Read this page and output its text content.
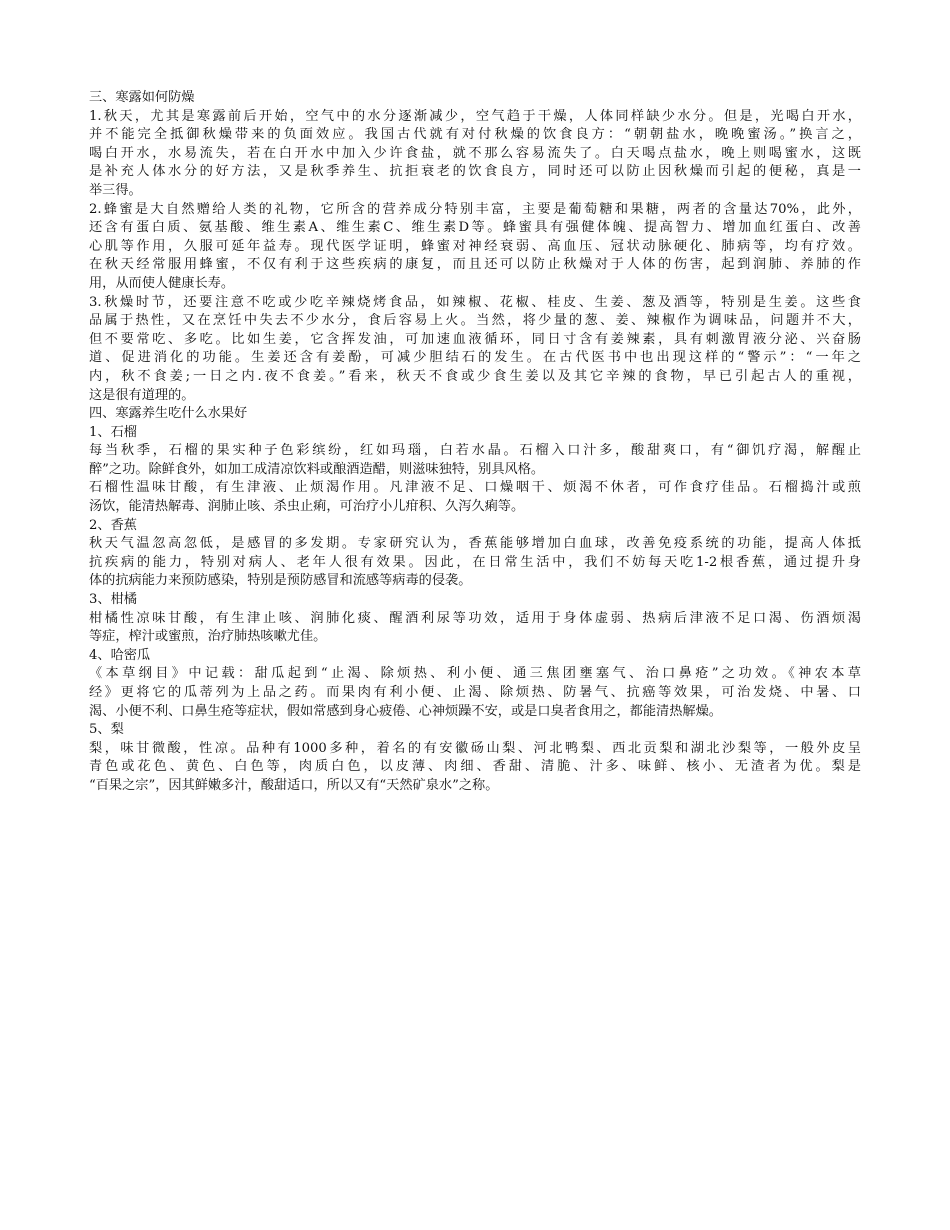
三、寒露如何防燥
1.秋天，尤其是寒露前后开始，空气中的水分逐渐减少，空气趋于干燥，人体同样缺少水分。但是，光喝白开水，
并不能完全抵御秋燥带来的负面效应。我国古代就有对付秋燥的饮食良方：“朝朝盐水，晚晚蜜汤。”换言之，
喝白开水，水易流失，若在白开水中加入少许食盐，就不那么容易流失了。白天喝点盐水，晚上则喝蜜水，这既
是补充人体水分的好方法，又是秋季养生、抗拒衰老的饮食良方，同时还可以防止因秋燥而引起的便秘，真是一
举三得。
2.蜂蜜是大自然赠给人类的礼物，它所含的营养成分特别丰富，主要是葡萄糖和果糖，两者的含量达70%，此外，
还含有蛋白质、氨基酸、维生素A、维生素C、维生素D等。蜂蜜具有强健体魄、提高智力、增加血红蛋白、改善
心肌等作用，久服可延年益寿。现代医学证明，蜂蜜对神经衰弱、高血压、冠状动脉硬化、肺病等，均有疗效。
在秋天经常服用蜂蜜，不仅有利于这些疾病的康复，而且还可以防止秋燥对于人体的伤害，起到润肺、养肺的作
用，从而使人健康长寿。
3.秋燥时节，还要注意不吃或少吃辛辣烧烤食品，如辣椒、花椒、桂皮、生姜、葱及酒等，特别是生姜。这些食
品属于热性，又在烹饪中失去不少水分，食后容易上火。当然，将少量的葱、姜、辣椒作为调味品，问题并不大，
但不要常吃、多吃。比如生姜，它含挥发油，可加速血液循环，同日寸含有姜辣素，具有刺激胃液分泌、兴奋肠
道、促进消化的功能。生姜还含有姜酚，可减少胆结石的发生。在古代医书中也出现这样的“警示”：“一年之
内，秋不食姜;一日之内.夜不食姜。”看来，秋天不食或少食生姜以及其它辛辣的食物，早已引起古人的重视，
这是很有道理的。
四、寒露养生吃什么水果好
1、石榴
每当秋季，石榴的果实种子色彩缤纷，红如玛瑙，白若水晶。石榴入口汁多，酸甜爽口，有“御饥疗渴，解醒止
醉”之功。除鲜食外，如加工成清凉饮料或酿酒造醋，则滋味独特，别具风格。
石榴性温味甘酸，有生津液、止烦渴作用。凡津液不足、口燥咽干、烦渴不休者，可作食疗佳品。石榴捣汁或煎
汤饮，能清热解毒、润肺止咳、杀虫止痢，可治疗小儿疳积、久泻久痢等。
2、香蕉
秋天气温忽高忽低，是感冒的多发期。专家研究认为，香蕉能够增加白血球，改善免疫系统的功能，提高人体抵
抗疾病的能力，特别对病人、老年人很有效果。因此，在日常生活中，我们不妨每天吃1-2根香蕉，通过提升身
体的抗病能力来预防感染，特别是预防感冒和流感等病毒的侵袭。
3、柑橘
柑橘性凉味甘酸，有生津止咳、润肺化痰、醒酒利尿等功效，适用于身体虚弱、热病后津液不足口渴、伤酒烦渴
等症，榨汁或蜜煎，治疗肺热咳嗽尤佳。
4、哈密瓜
《本草纲目》中记载：甜瓜起到“止渴、除烦热、利小便、通三焦团壅塞气、治口鼻疮”之功效。《神农本草
经》更将它的瓜蒂列为上品之药。而果肉有利小便、止渴、除烦热、防暑气、抗癌等效果，可治发烧、中暑、口
渴、小便不利、口鼻生疮等症状，假如常感到身心疲倦、心神烦躁不安，或是口臭者食用之，都能清热解燥。
5、梨
梨，味甘微酸，性凉。品种有1000多种，着名的有安徽砀山梨、河北鸭梨、西北贡梨和湖北沙梨等，一般外皮呈
青色或花色、黄色、白色等，肉质白色，以皮薄、肉细、香甜、清脆、汁多、味鲜、核小、无渣者为优。梨是
“百果之宗”，因其鲜嫩多汁，酸甜适口，所以又有“天然矿泉水”之称。
